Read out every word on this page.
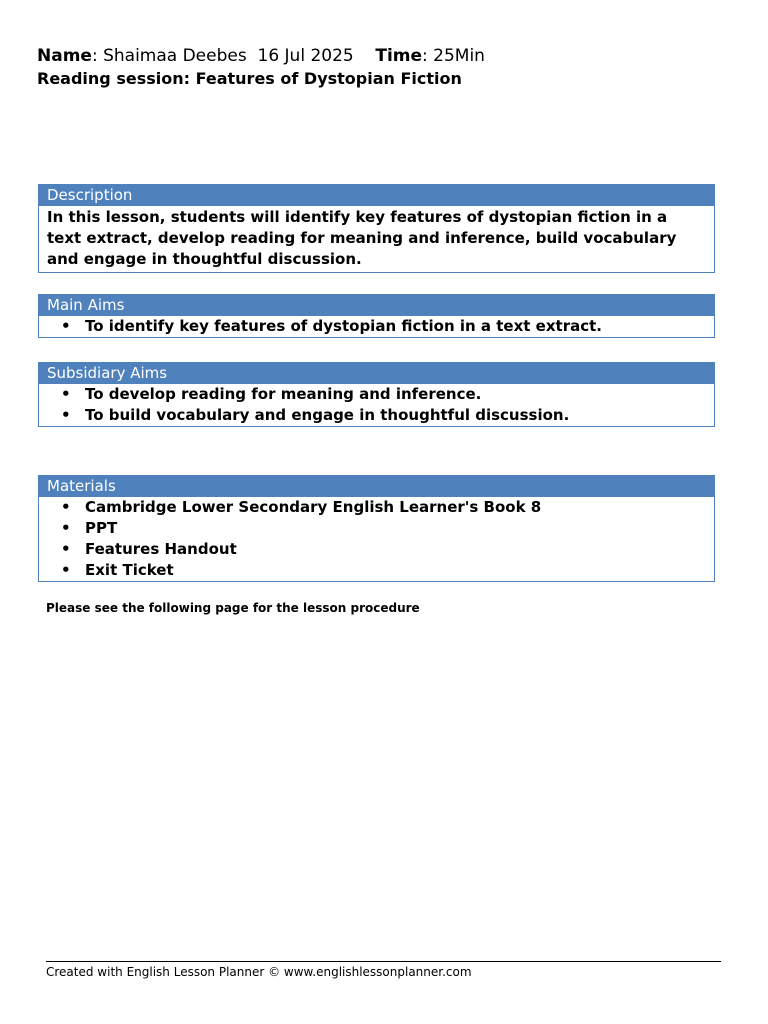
Name: Shaimaa Deebes  16 Jul 2025 Time: 25Min
Reading session: Features of Dystopian Fiction
Description
In this lesson, students will identify key features of dystopian fiction in a text extract, develop reading for meaning and inference, build vocabulary and engage in thoughtful discussion.
Main Aims
• To identify key features of dystopian fiction in a text extract.
Subsidiary Aims
• To develop reading for meaning and inference.
• To build vocabulary and engage in thoughtful discussion.
Materials
• Cambridge Lower Secondary English Learner's Book 8
• PPT
• Features Handout
• Exit Ticket
Please see the following page for the lesson procedure
Created with English Lesson Planner © www.englishlessonplanner.com
